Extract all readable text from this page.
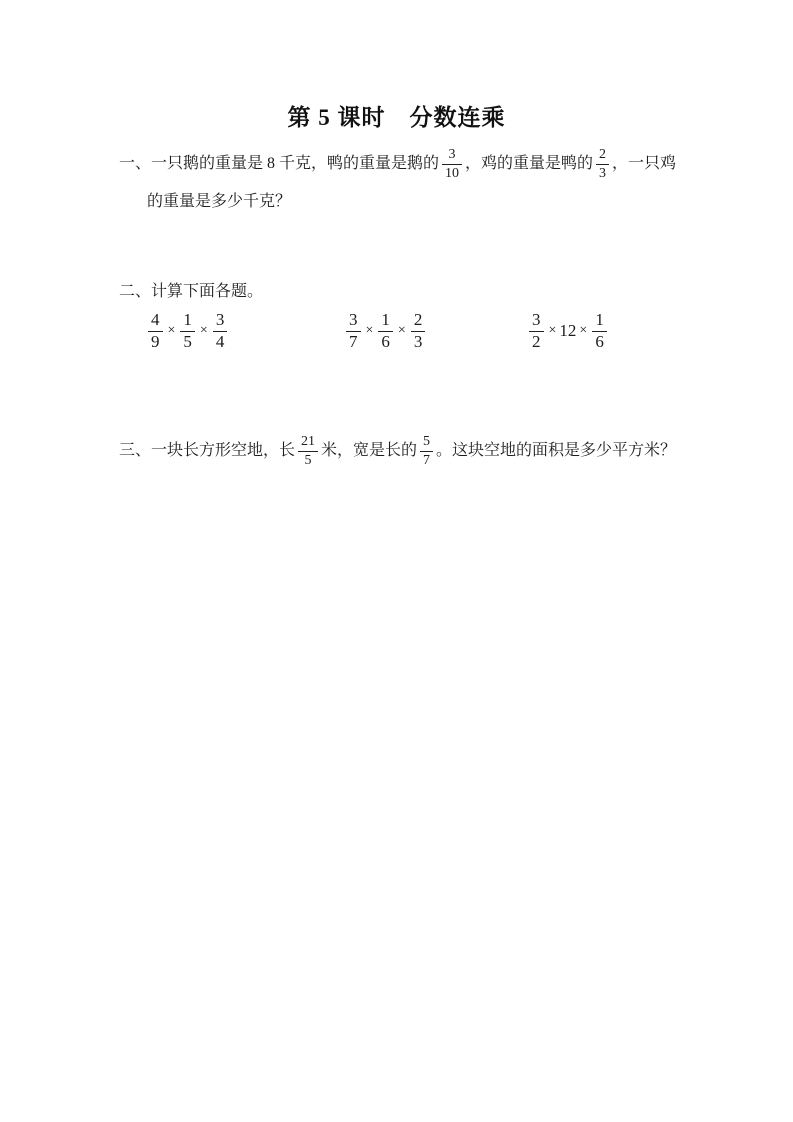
第 5 课时　分数连乘
一、一只鹅的重量是 8 千克，鸭的重量是鹅的 $\frac{3}{10}$ ，鸡的重量是鸭的 $\frac{2}{3}$ ，一只鸡
的重量是多少千克？
二、计算下面各题。
$\frac{4}{9} \times \frac{1}{5} \times \frac{3}{4}$	$\frac{3}{7} \times \frac{1}{6} \times \frac{2}{3}$	$\frac{3}{2} \times 12 \times \frac{1}{6}$
三、一块长方形空地，长 $\frac{21}{5}$ 米，宽是长的 $\frac{5}{7}$ 。这块空地的面积是多少平方米？
